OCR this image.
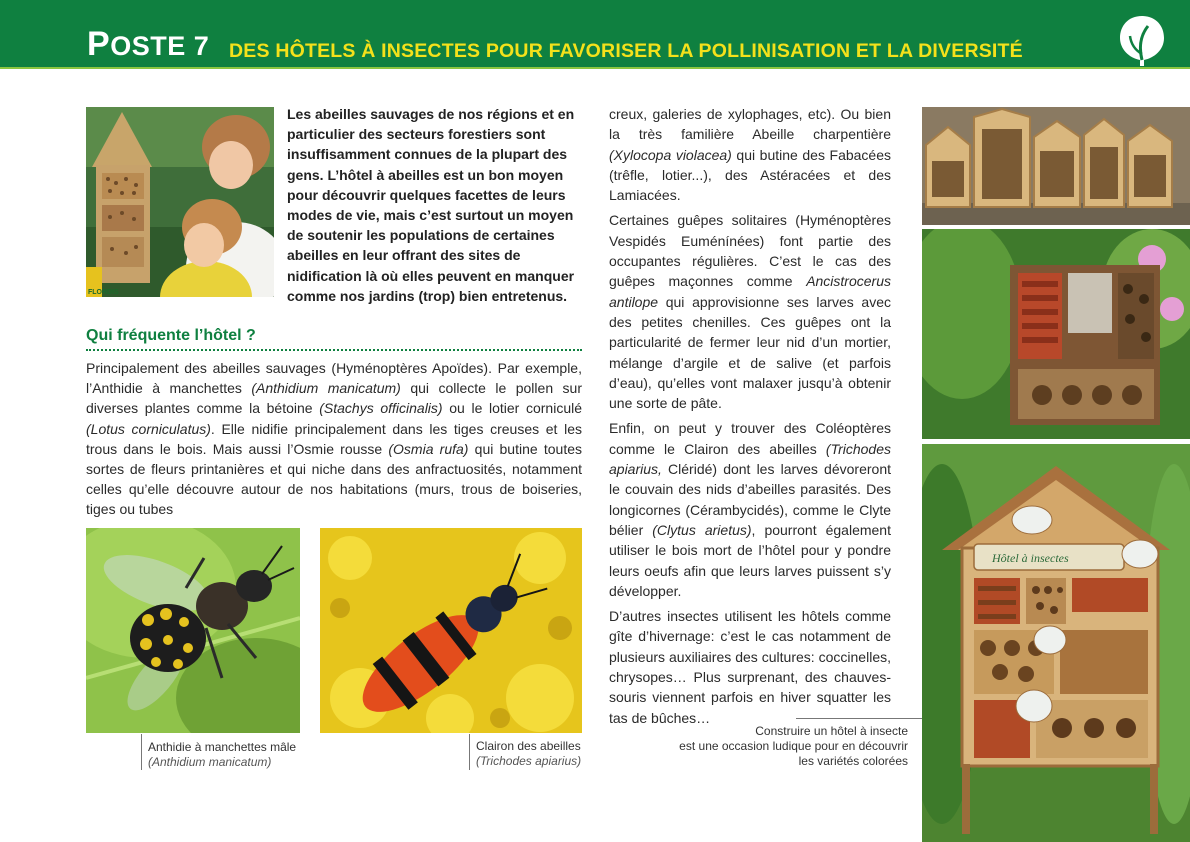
POSTE 7 DES HÔTELS À INSECTES POUR FAVORISER LA POLLINISATION ET LA DIVERSITÉ
FLORDIS
Les abeilles sauvages de nos régions et en particulier des secteurs forestiers sont insuffisamment connues de la plupart des gens. L’hôtel à abeilles est un bon moyen pour découvrir quelques facettes de leurs modes de vie, mais c’est surtout un moyen de soutenir les populations de certaines abeilles en leur offrant des sites de nidification là où elles peuvent en manquer comme nos jardins (trop) bien entretenus.
Qui fréquente l’hôtel ?
Principalement des abeilles sauvages (Hyménoptères Apoïdes). Par exemple, l’Anthidie à manchettes (Anthidium manicatum) qui collecte le pollen sur diverses plantes comme la bétoine (Stachys officinalis) ou le lotier corniculé (Lotus corniculatus). Elle nidifie principalement dans les tiges creuses et les trous dans le bois. Mais aussi l’Osmie rousse (Osmia rufa) qui butine toutes sortes de fleurs printanières et qui niche dans des anfractuosités, notamment celles qu’elle découvre autour de nos habitations (murs, trous de boiseries, tiges ou tubes

creux, galeries de xylophages, etc). Ou bien la très familière Abeille charpentière (Xylocopa violacea) qui butine des Fabacées (trêfle, lotier...), des Astéracées et des Lamiacées.

Certaines guêpes solitaires (Hyménoptères Vespidés Euménínées) font partie des occupantes régulières. C’est le cas des guêpes maçonnes comme Ancistrocerus antilope qui approvisionne ses larves avec des petites chenilles. Ces guêpes ont la particularité de fermer leur nid d’un mortier, mélange d’argile et de salive (et parfois d’eau), qu’elles vont malaxer jusqu’à obtenir une sorte de pâte.

Enfin, on peut y trouver des Coléoptères comme le Clairon des abeilles (Trichodes apiarius, Cléridé) dont les larves dévoreront le couvain des nids d’abeilles parasités. Des longicornes (Cérambycidés), comme le Clyte bélier (Clytus arietus), pourront également utiliser le bois mort de l’hôtel pour y pondre leurs oeufs afin que leurs larves puissent s’y développer.

D’autres insectes utilisent les hôtels comme gîte d’hivernage: c’est le cas notamment de plusieurs auxiliaires des cultures: coccinelles, chrysopes… Plus surprenant, des chauves-souris viennent parfois en hiver squatter les tas de bûches…

Hôtel à insectes
Anthidie à manchettes mâle
(Anthidium manicatum)
Clairon des abeilles
(Trichodes apiarius)
Construire un hôtel à insecte
est une occasion ludique pour en découvrir
les variétés colorées
